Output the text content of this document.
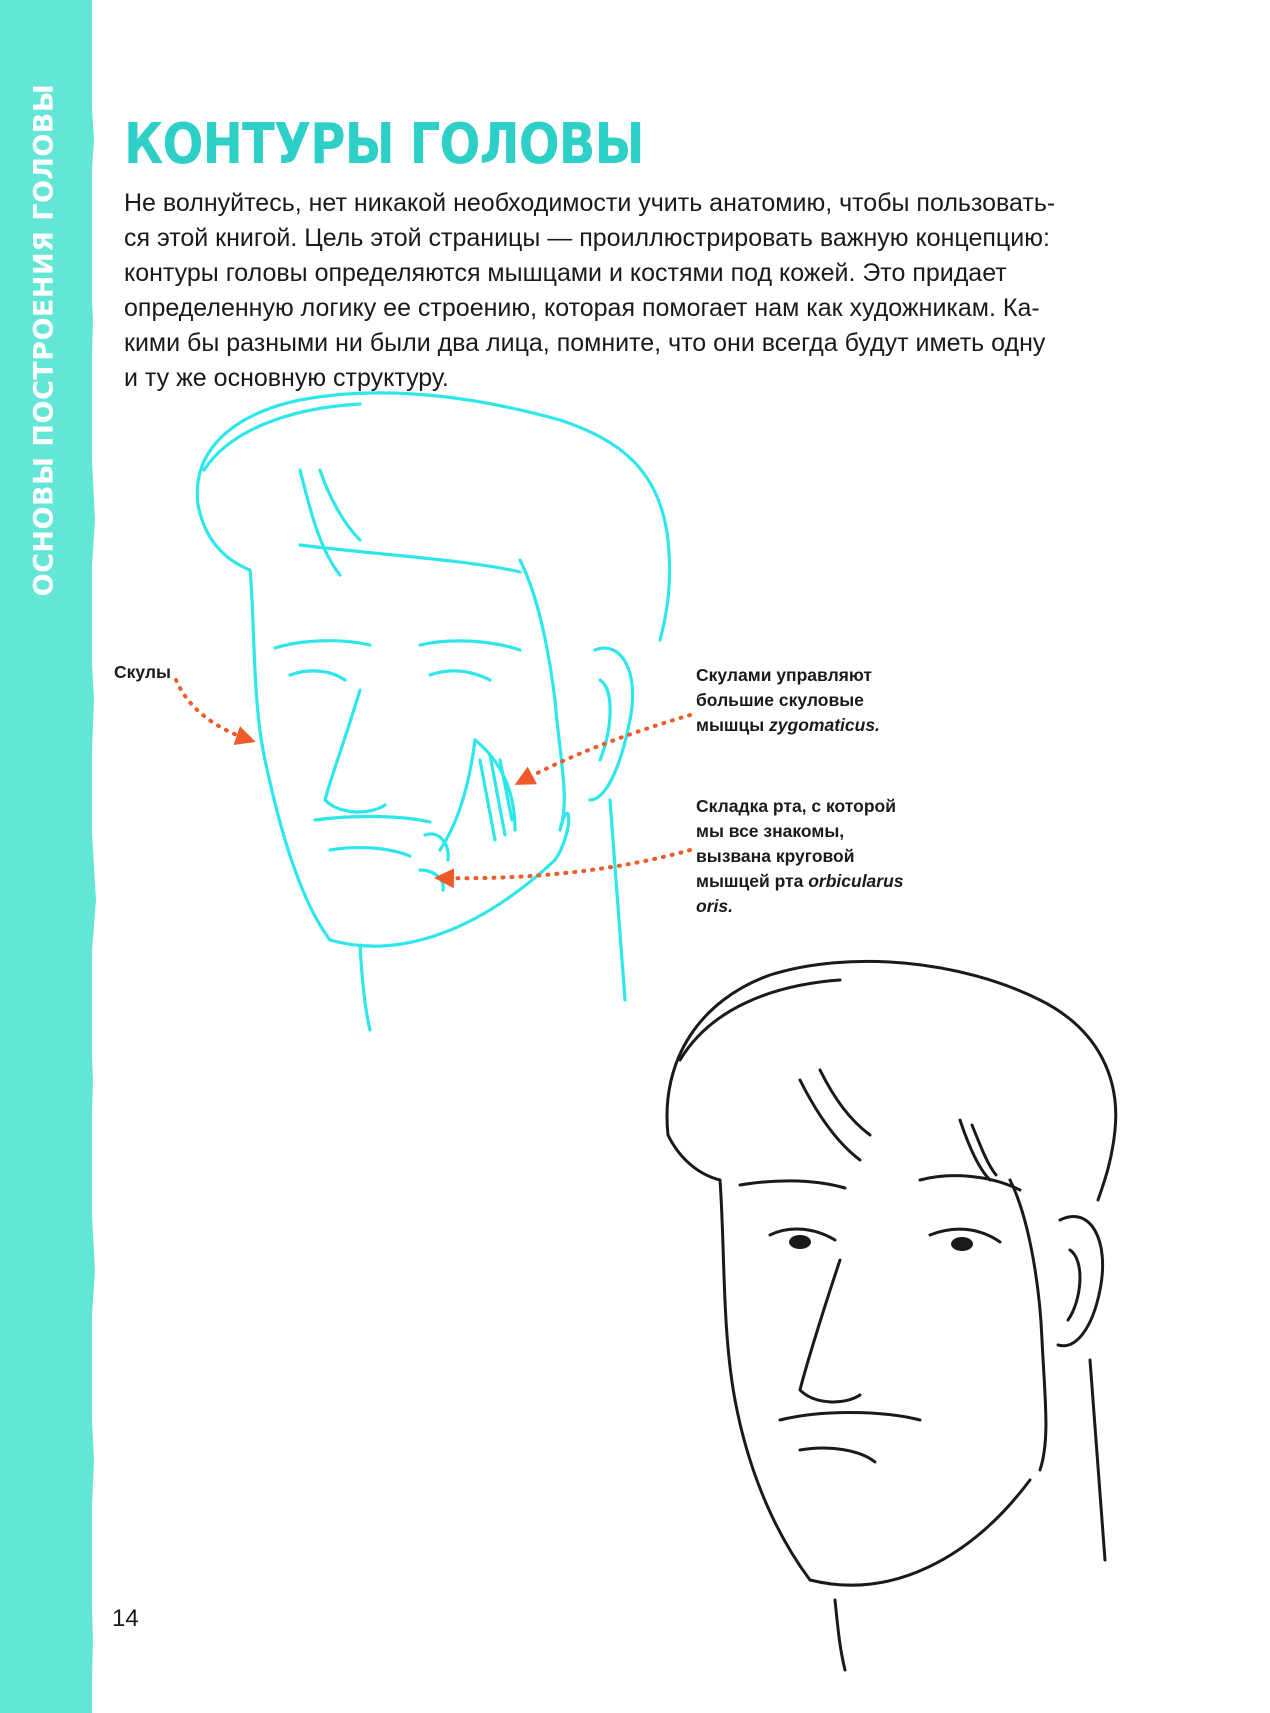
ОСНОВЫ ПОСТРОЕНИЯ ГОЛОВЫ КОНТУРЫ ГОЛОВЫ
Не волнуйтесь, нет никакой необходимости учить анатомию, чтобы пользовать-
ся этой книгой. Цель этой страницы — проиллюстрировать важную концепцию:
контуры головы определяются мышцами и костями под кожей. Это придает
определенную логику ее строению, которая помогает нам как художникам. Ка-
кими бы разными ни были два лица, помните, что они всегда будут иметь одну
и ту же основную структуру.
Скулы	Скулами управляют
большие скуловые
мышцы zygomaticus.
Складка рта, с которой
мы все знакомы,
вызвана круговой
мышцей рта orbicularus
oris.
14
